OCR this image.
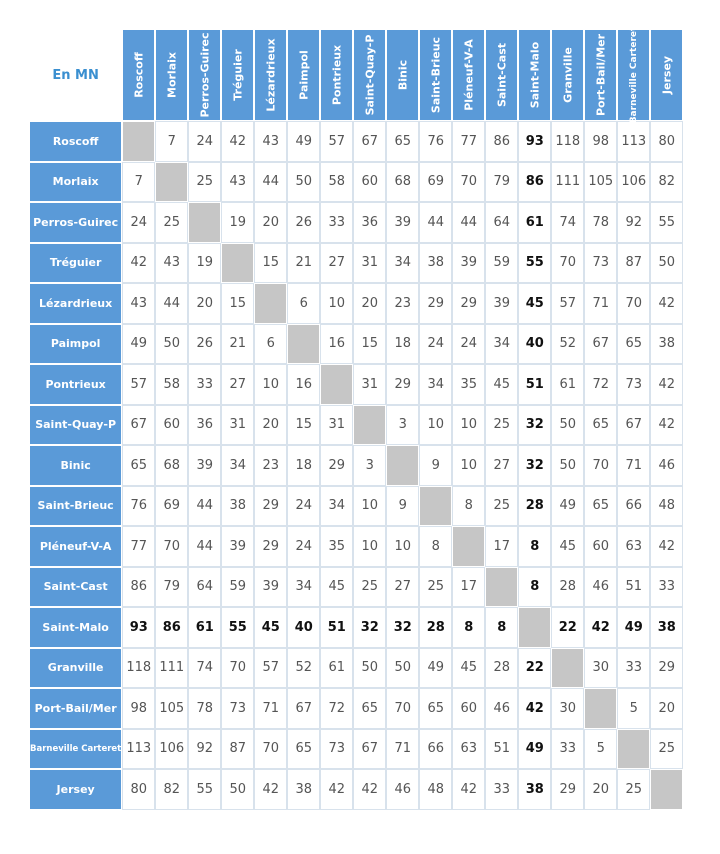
En MN	Roscoff	Morlaix	Perros-Guirec	Tréguier	Lézardrieux	Paimpol	Pontrieux	Saint-Quay-P	Binic	Saint-Brieuc	Pléneuf-V-A	Saint-Cast	Saint-Malo	Granville	Port-Bail/Mer	Barneville Carteret	Jersey

Roscoff		7	24	42	43	49	57	67	65	76	77	86	93	118	98	113	80
Morlaix	7		25	43	44	50	58	60	68	69	70	79	86	111	105	106	82
Perros-Guirec	24	25		19	20	26	33	36	39	44	44	64	61	74	78	92	55
Tréguier	42	43	19		15	21	27	31	34	38	39	59	55	70	73	87	50
Lézardrieux	43	44	20	15		6	10	20	23	29	29	39	45	57	71	70	42
Paimpol	49	50	26	21	6		16	15	18	24	24	34	40	52	67	65	38
Pontrieux	57	58	33	27	10	16		31	29	34	35	45	51	61	72	73	42
Saint-Quay-P	67	60	36	31	20	15	31		3	10	10	25	32	50	65	67	42
Binic	65	68	39	34	23	18	29	3		9	10	27	32	50	70	71	46
Saint-Brieuc	76	69	44	38	29	24	34	10	9		8	25	28	49	65	66	48
Pléneuf-V-A	77	70	44	39	29	24	35	10	10	8		17	8	45	60	63	42
Saint-Cast	86	79	64	59	39	34	45	25	27	25	17		8	28	46	51	33
Saint-Malo	93	86	61	55	45	40	51	32	32	28	8	8		22	42	49	38
Granville	118	111	74	70	57	52	61	50	50	49	45	28	22		30	33	29
Port-Bail/Mer	98	105	78	73	71	67	72	65	70	65	60	46	42	30		5	20
Barneville Carteret	113	106	92	87	70	65	73	67	71	66	63	51	49	33	5		25
Jersey	80	82	55	50	42	38	42	42	46	48	42	33	38	29	20	25	
